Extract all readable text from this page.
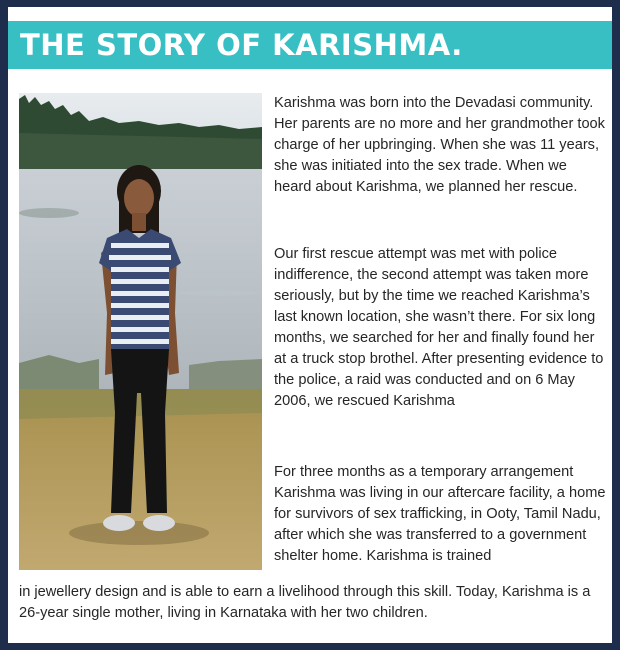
THE STORY OF KARISHMA.

Karishma was born into the Devadasi community. Her parents are no more and her grandmother took charge of her upbringing. When she was 11 years, she was initiated into the sex trade. When we heard about Karishma, we planned her rescue.

Our first rescue attempt was met with police indifference, the second attempt was taken more seriously, but by the time we reached Karishma’s last known location, she wasn’t there. For six long months, we searched for her and finally found her at a truck stop brothel. After presenting evidence to the police, a raid was conducted and on 6 May 2006, we rescued Karishma

For three months as a temporary arrangement Karishma was living in our aftercare facility, a home for survivors of sex trafficking, in Ooty, Tamil Nadu, after which she was transferred to a government shelter home. Karishma is trained

in jewellery design and is able to earn a livelihood through this skill. Today, Karishma is a 26-year single mother, living in Karnataka with her two children.
